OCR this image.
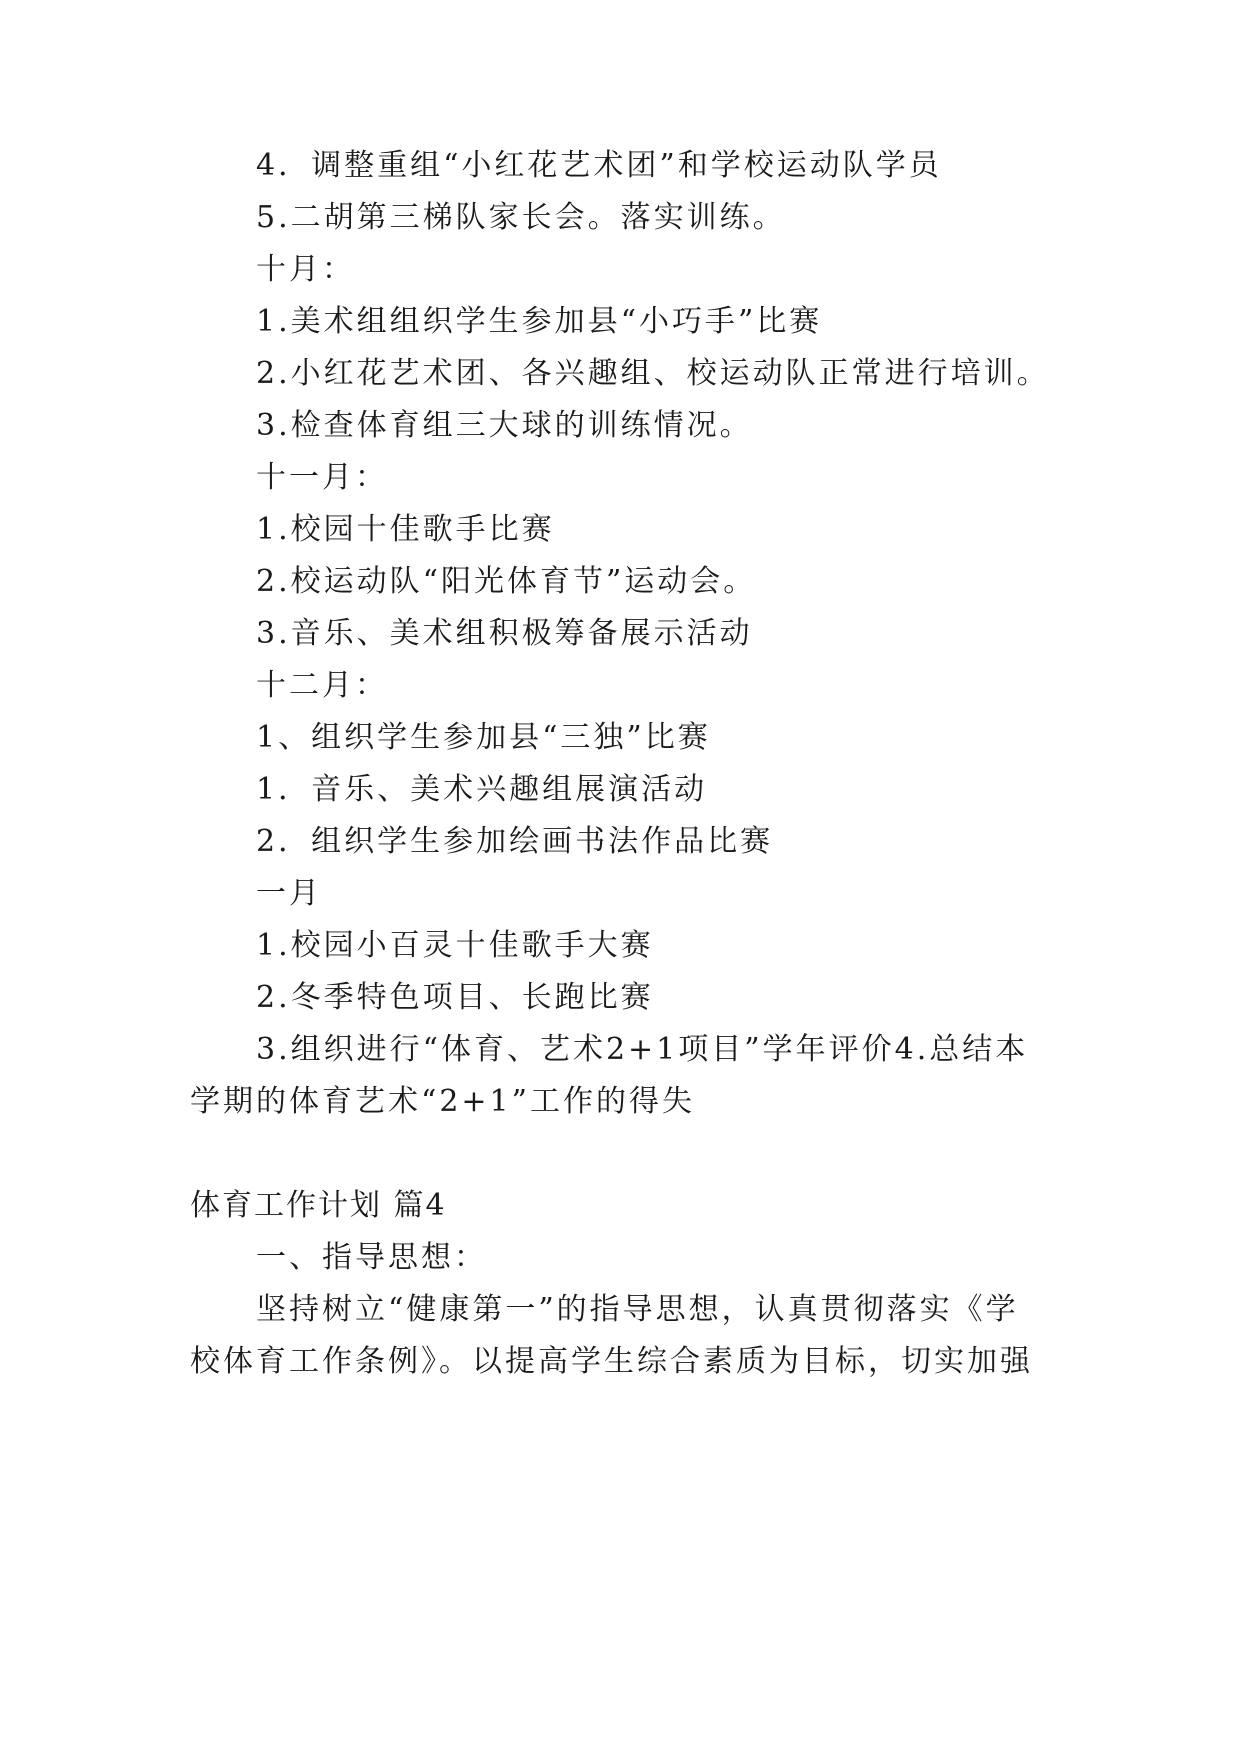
4．调整重组“小红花艺术团”和学校运动队学员
5.二胡第三梯队家长会。落实训练。
十月：
1.美术组组织学生参加县“小巧手”比赛
2.小红花艺术团、各兴趣组、校运动队正常进行培训。
3.检查体育组三大球的训练情况。
十一月：
1.校园十佳歌手比赛
2.校运动队“阳光体育节”运动会。
3.音乐、美术组积极筹备展示活动
十二月：
1、组织学生参加县“三独”比赛
1．音乐、美术兴趣组展演活动
2．组织学生参加绘画书法作品比赛
一月
1.校园小百灵十佳歌手大赛
2.冬季特色项目、长跑比赛
3.组织进行“体育、艺术2+1项目”学年评价4.总结本
学期的体育艺术“2+1”工作的得失
体育工作计划 篇4
一、指导思想：
坚持树立“健康第一”的指导思想，认真贯彻落实《学
校体育工作条例》。以提高学生综合素质为目标，切实加强
